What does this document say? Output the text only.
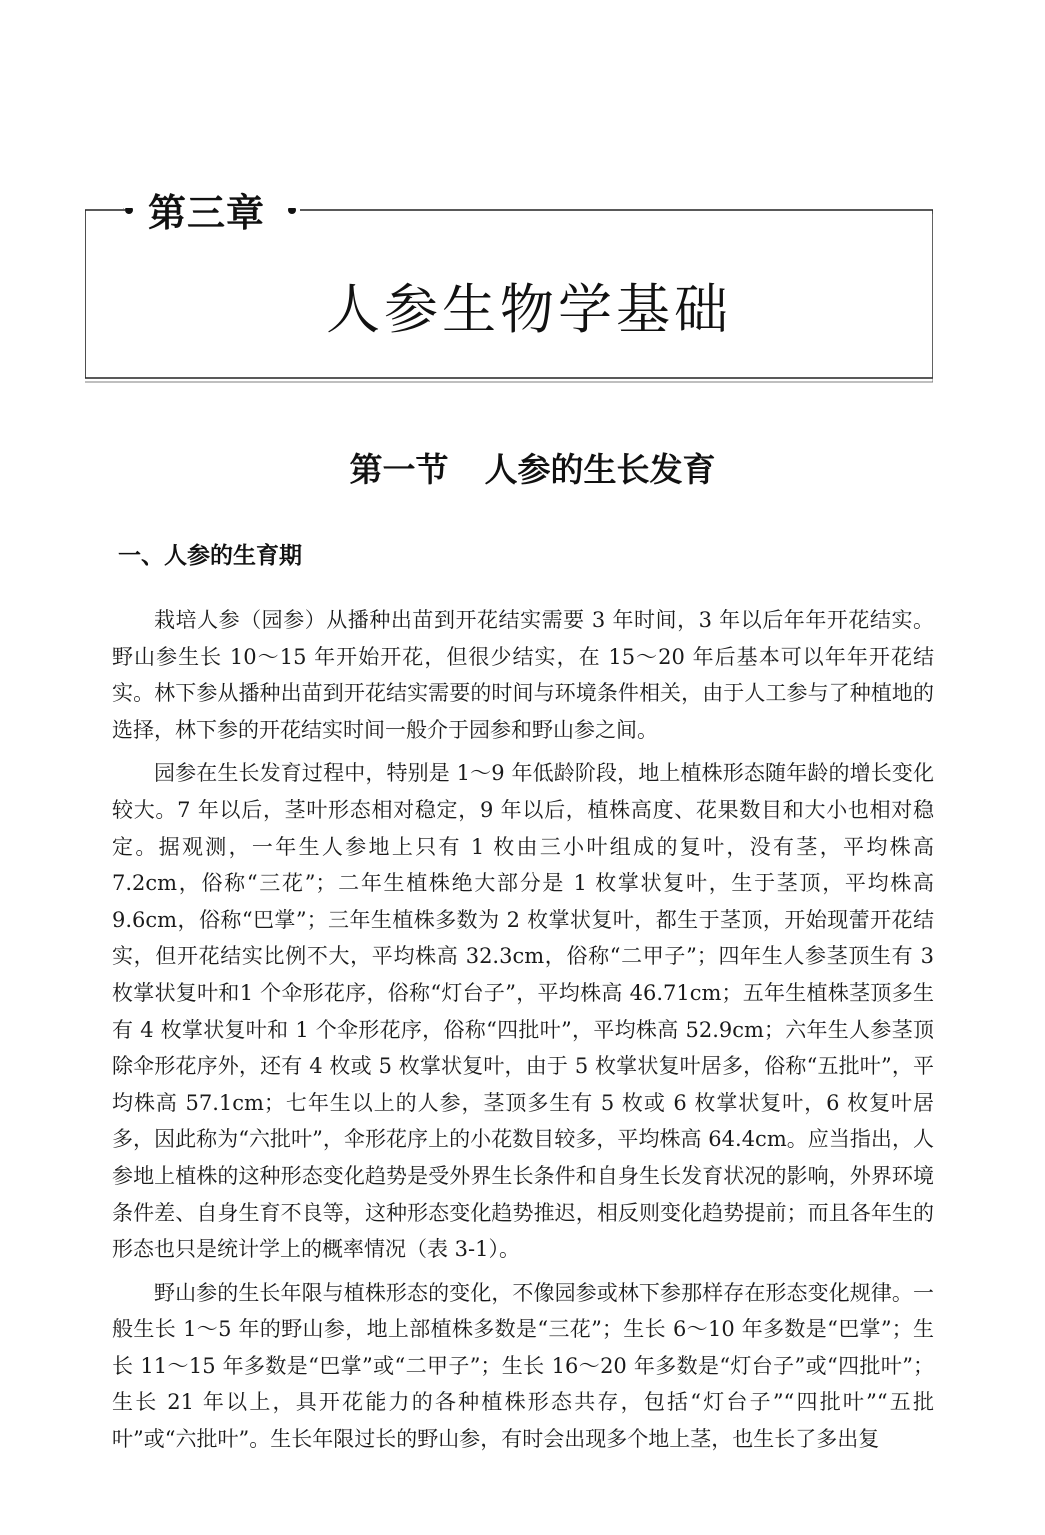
第三章
人参生物学基础
第一节 人参的生长发育
一、人参的生育期

栽培人参（园参）从播种出苗到开花结实需要 3 年时间，3 年以后年年开花结实。野山参生长 10～15 年开始开花，但很少结实，在 15～20 年后基本可以年年开花结实。林下参从播种出苗到开花结实需要的时间与环境条件相关，由于人工参与了种植地的选择，林下参的开花结实时间一般介于园参和野山参之间。

园参在生长发育过程中，特别是 1～9 年低龄阶段，地上植株形态随年龄的增长变化较大。7 年以后，茎叶形态相对稳定，9 年以后，植株高度、花果数目和大小也相对稳定。据观测，一年生人参地上只有 1 枚由三小叶组成的复叶，没有茎，平均株高 7.2cm，俗称“三花”；二年生植株绝大部分是 1 枚掌状复叶，生于茎顶，平均株高 9.6cm，俗称“巴掌”；三年生植株多数为 2 枚掌状复叶，都生于茎顶，开始现蕾开花结实，但开花结实比例不大，平均株高 32.3cm，俗称“二甲子”；四年生人参茎顶生有 3 枚掌状复叶和1 个伞形花序，俗称“灯台子”，平均株高 46.71cm；五年生植株茎顶多生有 4 枚掌状复叶和 1 个伞形花序，俗称“四批叶”，平均株高 52.9cm；六年生人参茎顶除伞形花序外，还有 4 枚或 5 枚掌状复叶，由于 5 枚掌状复叶居多，俗称“五批叶”，平均株高 57.1cm；七年生以上的人参，茎顶多生有 5 枚或 6 枚掌状复叶，6 枚复叶居多，因此称为“六批叶”，伞形花序上的小花数目较多，平均株高 64.4cm。应当指出，人参地上植株的这种形态变化趋势是受外界生长条件和自身生长发育状况的影响，外界环境条件差、自身生育不良等，这种形态变化趋势推迟，相反则变化趋势提前；而且各年生的形态也只是统计学上的概率情况（表 3-1）。

野山参的生长年限与植株形态的变化，不像园参或林下参那样存在形态变化规律。一般生长 1～5 年的野山参，地上部植株多数是“三花”；生长 6～10 年多数是“巴掌”；生长 11～15 年多数是“巴掌”或“二甲子”；生长 16～20 年多数是“灯台子”或“四批叶”；生长 21 年以上，具开花能力的各种植株形态共存，包括“灯台子”“四批叶”“五批叶”或“六批叶”。生长年限过长的野山参，有时会出现多个地上茎，也生长了多出复
